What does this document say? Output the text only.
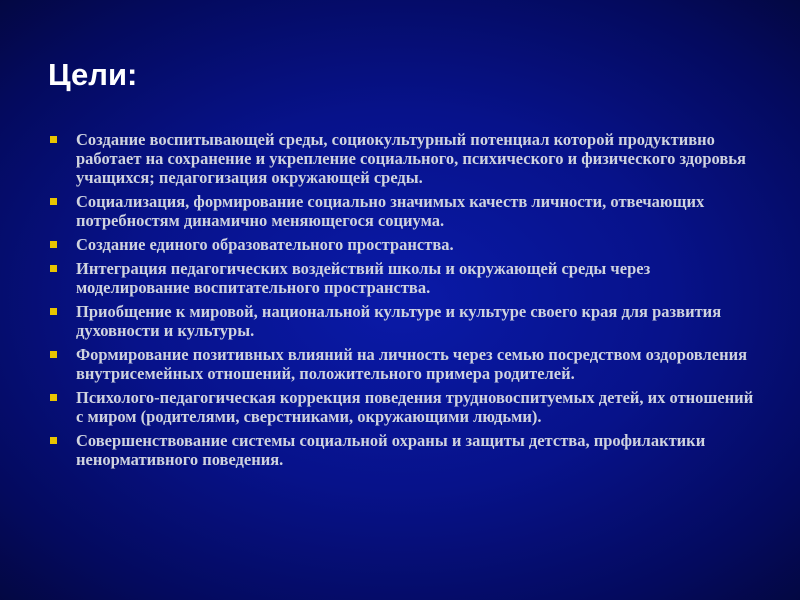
Цели:
Создание воспитывающей среды, социокультурный потенциал которой продуктивно работает на сохранение и укрепление социального, психического и физического здоровья учащихся; педагогизация окружающей среды.
Социализация, формирование социально значимых качеств личности, отвечающих потребностям динамично меняющегося социума.
Создание единого образовательного пространства.
Интеграция педагогических воздействий школы и окружающей среды через моделирование воспитательного пространства.
Приобщение к мировой, национальной культуре и культуре своего края для развития духовности и культуры.
Формирование позитивных влияний на личность через семью посредством оздоровления внутрисемейных отношений, положительного примера родителей.
Психолого-педагогическая коррекция поведения трудновоспитуемых детей, их отношений с миром (родителями, сверстниками, окружающими людьми).
Совершенствование системы социальной охраны и защиты детства, профилактики ненормативного поведения.
